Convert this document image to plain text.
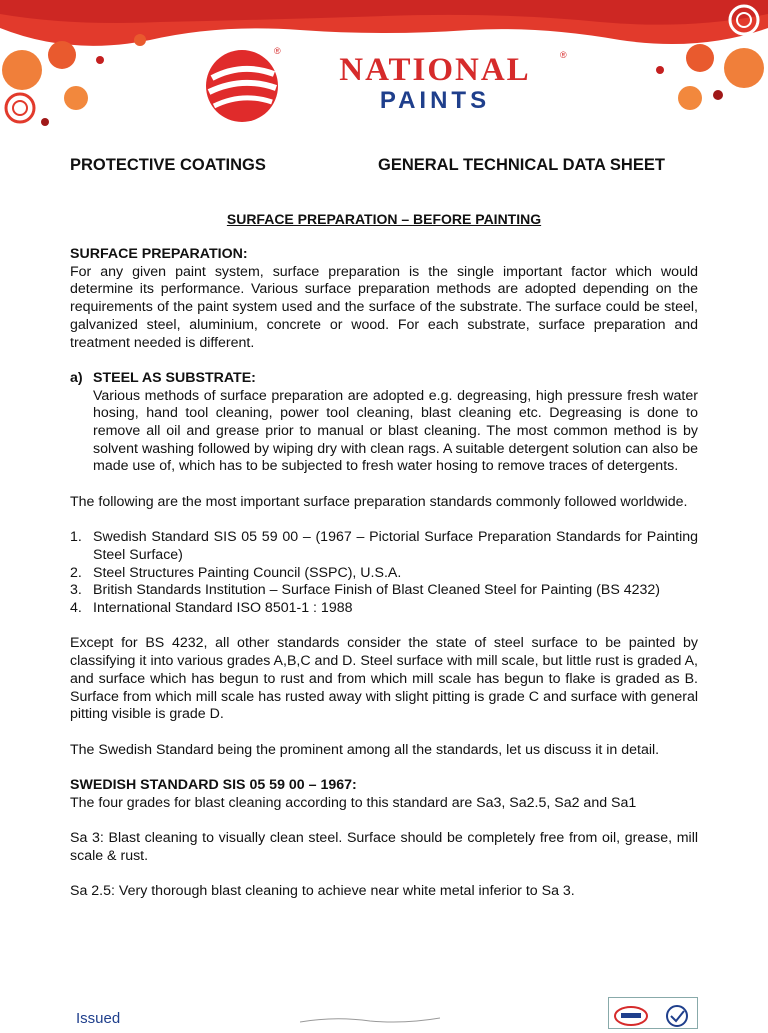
®
NATIONAL
PAINTS
®
PROTECTIVE COATINGS	GENERAL TECHNICAL DATA SHEET
SURFACE PREPARATION – BEFORE PAINTING

SURFACE PREPARATION:

For any given paint system, surface preparation is the single important factor which would determine its performance. Various surface preparation methods are adopted depending on the requirements of the paint system used and the surface of the substrate. The surface could be steel, galvanized steel, aluminium, concrete or wood. For each substrate, surface preparation and treatment needed is different.

a) STEEL AS SUBSTRATE:

Various methods of surface preparation are adopted e.g. degreasing, high pressure fresh water hosing, hand tool cleaning, power tool cleaning, blast cleaning etc. Degreasing is done to remove all oil and grease prior to manual or blast cleaning. The most common method is by solvent washing followed by wiping dry with clean rags. A suitable detergent solution can also be made use of, which has to be subjected to fresh water hosing to remove traces of detergents.

The following are the most important surface preparation standards commonly followed worldwide.

1. Swedish Standard SIS 05 59 00 – (1967 – Pictorial Surface Preparation Standards for Painting Steel Surface)
2. Steel Structures Painting Council (SSPC), U.S.A.
3. British Standards Institution – Surface Finish of Blast Cleaned Steel for Painting (BS 4232)
4. International Standard ISO 8501-1 : 1988

Except for BS 4232, all other standards consider the state of steel surface to be painted by classifying it into various grades A,B,C and D. Steel surface with mill scale, but little rust is graded A, and surface which has begun to rust and from which mill scale has begun to flake is graded as B. Surface from which mill scale has rusted away with slight pitting is grade C and surface with general pitting visible is grade D.

The Swedish Standard being the prominent among all the standards, let us discuss it in detail.

SWEDISH STANDARD SIS 05 59 00 – 1967:

The four grades for blast cleaning according to this standard are Sa3, Sa2.5, Sa2 and Sa1

Sa 3: Blast cleaning to visually clean steel. Surface should be completely free from oil, grease, mill scale & rust.

Sa 2.5: Very thorough blast cleaning to achieve near white metal inferior to Sa 3.

Issued
